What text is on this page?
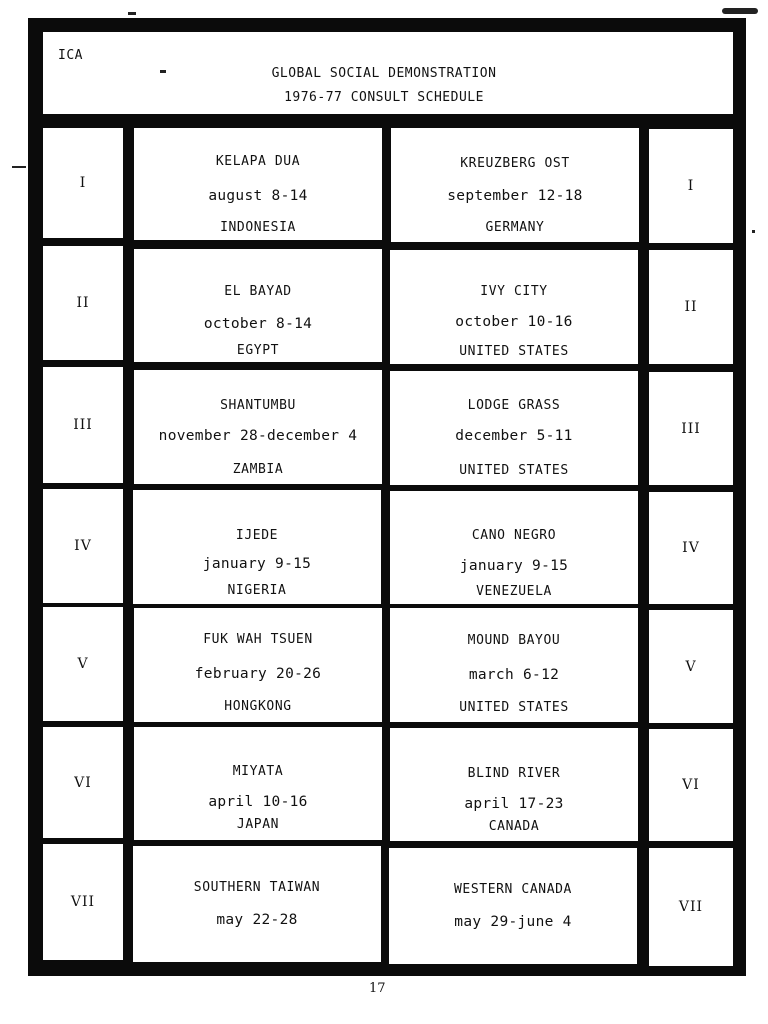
ICA
GLOBAL SOCIAL DEMONSTRATION
1976-77 CONSULT SCHEDULE
I
KELAPA DUA
august 8-14
INDONESIA
KREUZBERG OST
september 12-18
GERMANY
I
II
EL BAYAD
october 8-14
EGYPT
IVY CITY
october 10-16
UNITED STATES
II
III
SHANTUMBU
november 28-december 4
ZAMBIA
LODGE GRASS
december 5-11
UNITED STATES
III
IV
IJEDE
january 9-15
NIGERIA
CANO NEGRO
january 9-15
VENEZUELA
IV
V
FUK WAH TSUEN
february 20-26
HONGKONG
MOUND BAYOU
march 6-12
UNITED STATES
V
VI
MIYATA
april 10-16
JAPAN
BLIND RIVER
april 17-23
CANADA
VI
VII
SOUTHERN TAIWAN
may 22-28
WESTERN CANADA
may 29-june 4
VII
17
